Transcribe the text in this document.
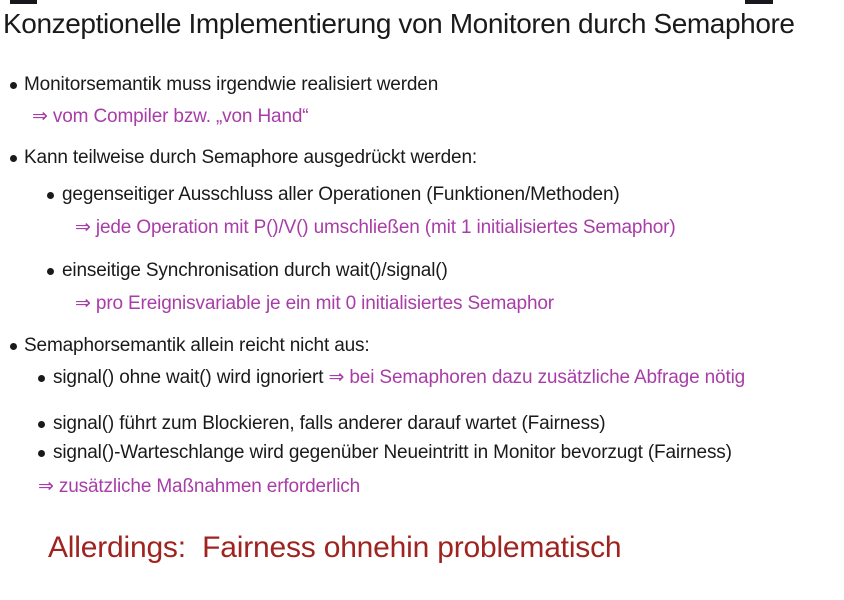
Konzeptionelle Implementierung von Monitoren durch Semaphore
Monitorsemantik muss irgendwie realisiert werden
⇒ vom Compiler bzw. „von Hand“
Kann teilweise durch Semaphore ausgedrückt werden:
gegenseitiger Ausschluss aller Operationen (Funktionen/Methoden)
⇒ jede Operation mit P()/V() umschließen (mit 1 initialisiertes Semaphor)
einseitige Synchronisation durch wait()/signal()
⇒ pro Ereignisvariable je ein mit 0 initialisiertes Semaphor
Semaphorsemantik allein reicht nicht aus:
signal() ohne wait() wird ignoriert ⇒ bei Semaphoren dazu zusätzliche Abfrage nötig
signal() führt zum Blockieren, falls anderer darauf wartet (Fairness)
signal()-Warteschlange wird gegenüber Neueintritt in Monitor bevorzugt (Fairness)
⇒ zusätzliche Maßnahmen erforderlich
Allerdings:  Fairness ohnehin problematisch
